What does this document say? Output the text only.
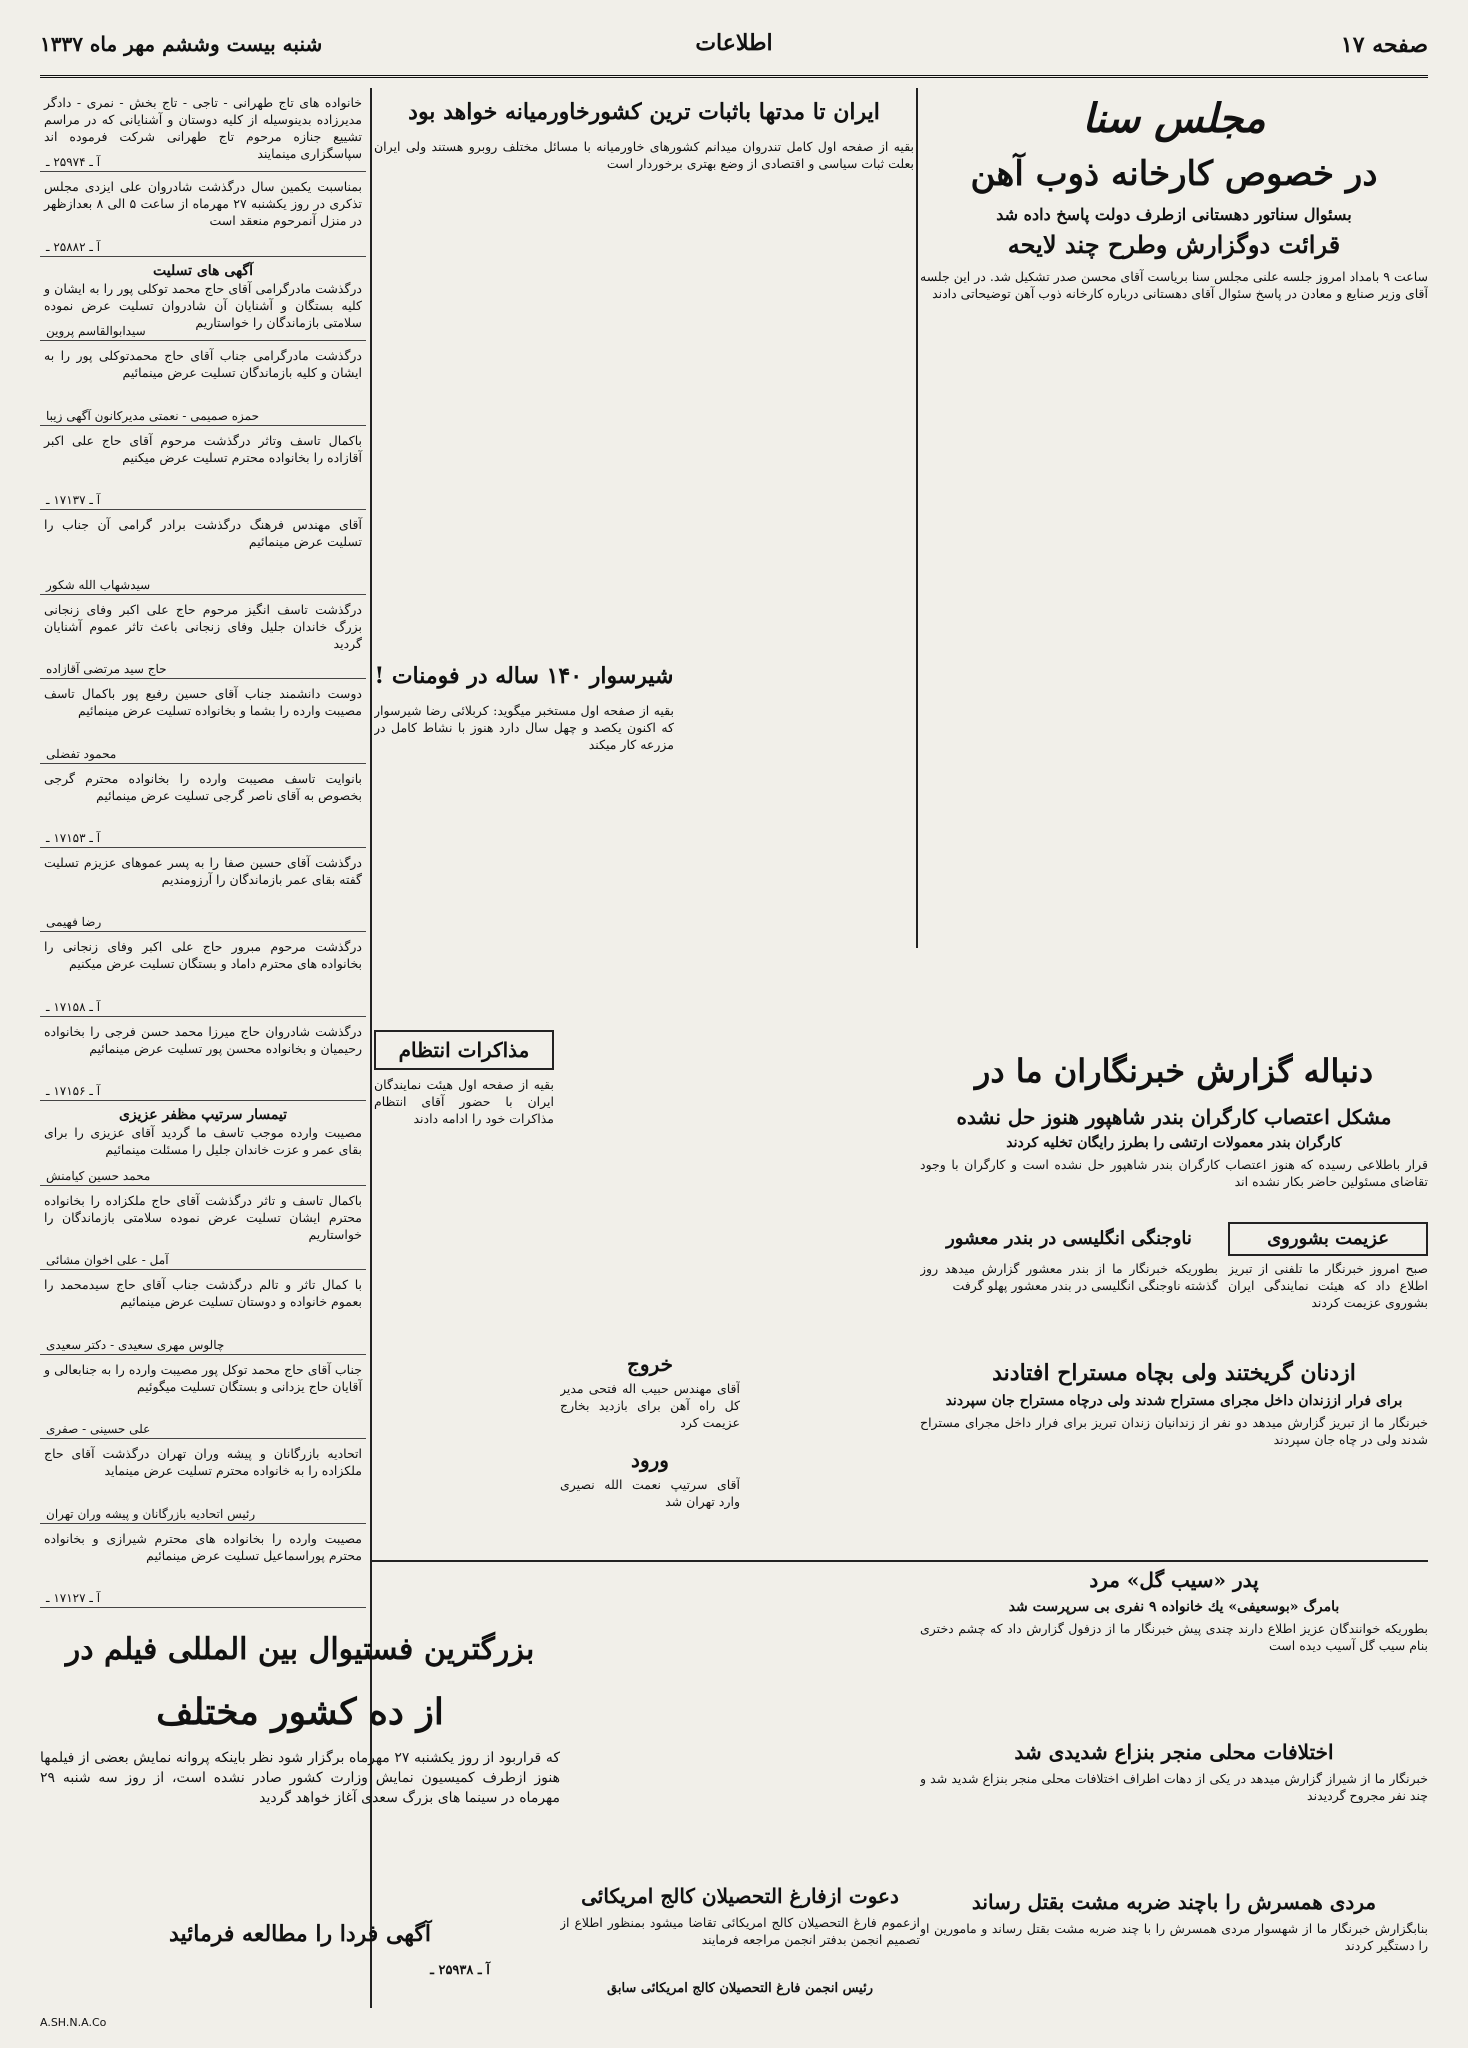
صفحه ۱۷
اطلاعات
شنبه بیست وششم مهر ماه ۱۳۳۷
مجلس سنا
در خصوص کارخانه ذوب آهن
بسئوال سناتور دهستانی ازطرف دولت پاسخ داده شد
قرائت دوگزارش وطرح چند لایحه
ساعت ۹ بامداد امروز جلسه علنی مجلس سنا بریاست آقای محسن صدر تشکیل شد. در این جلسه آقای وزیر صنایع و معادن در پاسخ سئوال آقای دهستانی درباره کارخانه ذوب آهن توضیحاتی دادند
ایران تا مدتها باثبات ترین کشورخاورمیانه خواهد بود
بقیه از صفحه اول کامل تندروان میدانم کشورهای خاورمیانه با مسائل مختلف روبرو هستند ولی ایران بعلت ثبات سیاسی و اقتصادی از وضع بهتری برخوردار است
شیرسوار ۱۴۰ ساله در فومنات !
بقیه از صفحه اول مستخبر میگوید: کربلائی رضا شیرسوار که اکنون یکصد و چهل سال دارد هنوز با نشاط کامل در مزرعه کار میکند
مذاکرات انتظام
بقیه از صفحه اول هیئت نمایندگان ایران با حضور آقای انتظام مذاکرات خود را ادامه دادند
دنباله گزارش خبرنگاران ما در
مشکل اعتصاب کارگران بندر شاهپور هنوز حل نشده
کارگران بندر معمولات ارتشی را بطرز رایگان تخلیه کردند
قرار باطلاعی رسیده که هنوز اعتصاب کارگران بندر شاهپور حل نشده است و کارگران با وجود تقاضای مسئولین حاضر بکار نشده اند
عزیمت بشوروی
صبح امروز خبرنگار ما تلفنی از تبریز اطلاع داد که هیئت نمایندگی ایران بشوروی عزیمت کردند
ناوجنگی انگلیسی در بندر معشور
بطوریکه خبرنگار ما از بندر معشور گزارش میدهد روز گذشته ناوجنگی انگلیسی در بندر معشور پهلو گرفت
ازدنان گریختند ولی بچاه مستراح افتادند
برای فرار اززندان داخل مجرای مستراح شدند ولی درچاه مستراح جان سپردند
خبرنگار ما از تبریز گزارش میدهد دو نفر از زندانیان زندان تبریز برای فرار داخل مجرای مستراح شدند ولی در چاه جان سپردند
پدر «سیب گل» مرد
بامرگ «بوسعیفی» یك خانواده ۹ نفری بی سرپرست شد
بطوریکه خوانندگان عزیز اطلاع دارند چندی پیش خبرنگار ما از دزفول گزارش داد که چشم دختری بنام سیب گل آسیب دیده است
اختلافات محلی منجر بنزاع شدیدی شد
خبرنگار ما از شیراز گزارش میدهد در یکی از دهات اطراف اختلافات محلی منجر بنزاع شدید شد و چند نفر مجروح گردیدند
مردی همسرش را باچند ضربه مشت بقتل رساند
بنابگزارش خبرنگار ما از شهسوار مردی همسرش را با چند ضربه مشت بقتل رساند و مامورین او را دستگیر کردند
خروج
آقای مهندس حبیب اله فتحی مدیر کل راه آهن برای بازدید بخارج عزیمت کرد
ورود
آقای سرتیپ نعمت الله نصیری وارد تهران شد
بزرگترین فستیوال بین المللی فیلم در
از ده کشور مختلف
که قراربود از روز یکشنبه ۲۷ مهرماه برگزار شود نظر باینکه پروانه نمایش بعضی از فیلمها هنوز ازطرف کمیسیون نمایش وزارت کشور صادر نشده است، از روز سه شنبه ۲۹ مهرماه در سینما های بزرگ سعدی آغاز خواهد گردید
آگهی فردا را مطالعه فرمائید
آ ـ ۲۵۹۳۸ ـ
دعوت ازفارغ التحصیلان کالج امریکائی
ازعموم فارغ التحصیلان کالج امریکائی تقاضا میشود بمنظور اطلاع از تصمیم انجمن بدفتر انجمن مراجعه فرمایند
رئیس انجمن فارغ التحصیلان کالج امریکائی سابق
خانواده های تاج طهرانی - تاجی - تاج بخش - نمری - دادگر مدیرزاده بدینوسیله از کلیه دوستان و آشنایانی که در مراسم تشییع جنازه مرحوم تاج طهرانی شرکت فرموده اند سپاسگزاری مینمایند
آ ـ ۲۵۹۷۴ ـ
بمناسبت یکمین سال درگذشت شادروان علی ایزدی مجلس تذکری در روز یکشنبه ۲۷ مهرماه از ساعت ۵ الی ۸ بعدازظهر در منزل آنمرحوم منعقد است
آ ـ ۲۵۸۸۲ ـ
آگهی های تسلیت
درگذشت مادرگرامی آقای حاج محمد توکلی پور را به ایشان و کلیه بستگان و آشنایان آن شادروان تسلیت عرض نموده سلامتی بازماندگان را خواستاریم
سیدابوالقاسم پروین
درگذشت مادرگرامی جناب آقای حاج محمدتوکلی پور را به ایشان و کلیه بازماندگان تسلیت عرض مینمائیم
حمزه صمیمی - نعمتی مدیرکانون آگهی زیبا
باکمال تاسف وتاثر درگذشت مرحوم آقای حاج علی اکبر آقازاده را بخانواده محترم تسلیت عرض میکنیم
آ ـ ۱۷۱۳۷ ـ
آقای مهندس فرهنگ درگذشت برادر گرامی آن جناب را تسلیت عرض مینمائیم
سیدشهاب الله شکور
درگذشت تاسف انگیز مرحوم حاج علی اکبر وفای زنجانی بزرگ خاندان جلیل وفای زنجانی باعث تاثر عموم آشنایان گردید
حاج سید مرتضی آقازاده
دوست دانشمند جناب آقای حسین رفیع پور باکمال تاسف مصیبت وارده را بشما و بخانواده تسلیت عرض مینمائیم
محمود تفضلی
بانوایت تاسف مصیبت وارده را بخانواده محترم گرجی بخصوص به آقای ناصر گرجی تسلیت عرض مینمائیم
آ ـ ۱۷۱۵۳ ـ
درگذشت آقای حسین صفا را به پسر عموهای عزیزم تسلیت گفته بقای عمر بازماندگان را آرزومندیم
رضا فهیمی
درگذشت مرحوم مبرور حاج علی اکبر وفای زنجانی را بخانواده های محترم داماد و بستگان تسلیت عرض میکنیم
آ ـ ۱۷۱۵۸ ـ
درگذشت شادروان حاج میرزا محمد حسن فرجی را بخانواده رحیمیان و بخانواده محسن پور تسلیت عرض مینمائیم
آ ـ ۱۷۱۵۶ ـ
تیمسار سرتیپ مظفر عزیزی
مصیبت وارده موجب تاسف ما گردید آقای عزیزی را برای بقای عمر و عزت خاندان جلیل را مسئلت مینمائیم
محمد حسین کیامنش
باکمال تاسف و تاثر درگذشت آقای حاج ملکزاده را بخانواده محترم ایشان تسلیت عرض نموده سلامتی بازماندگان را خواستاریم
آمل - علی اخوان مشائی
با کمال تاثر و تالم درگذشت جناب آقای حاج سیدمحمد را بعموم خانواده و دوستان تسلیت عرض مینمائیم
چالوس مهری سعیدی - دکتر سعیدی
جناب آقای حاج محمد توکل پور مصیبت وارده را به جنابعالی و آقایان حاج یزدانی و بستگان تسلیت میگوئیم
علی حسینی - صفری
اتحادیه بازرگانان و پیشه وران تهران درگذشت آقای حاج ملکزاده را به خانواده محترم تسلیت عرض مینماید
رئیس اتحادیه بازرگانان و پیشه وران تهران
مصیبت وارده را بخانواده های محترم شیرازی و بخانواده محترم پوراسماعیل تسلیت عرض مینمائیم
آ ـ ۱۷۱۲۷ ـ
A.SH.N.A.Co
